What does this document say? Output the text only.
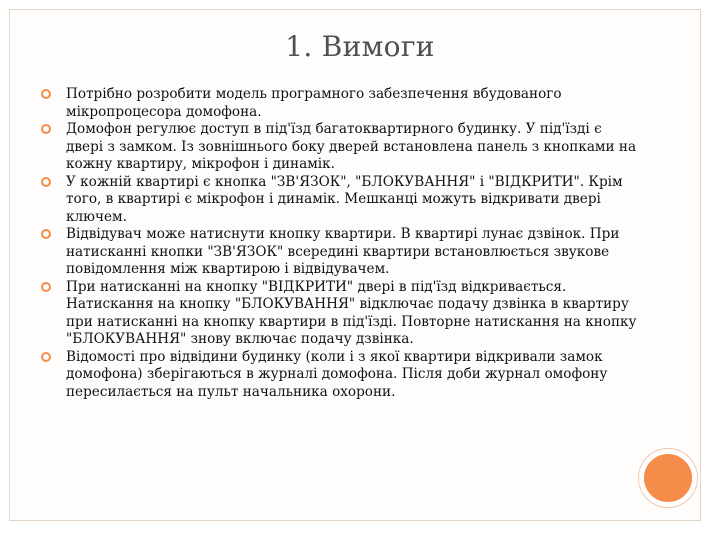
1. Вимоги
Потрібно розробити модель програмного забезпечення вбудованого мікропроцесора домофона.
Домофон регулює доступ в під'їзд багатоквартирного будинку. У під'їзді є двері з замком. Із зовнішнього боку дверей встановлена панель з кнопками на кожну квартиру, мікрофон і динамік.
У кожній квартирі є кнопка "ЗВ'ЯЗОК", "БЛОКУВАННЯ" і "ВІДКРИТИ". Крім того, в квартирі є мікрофон і динамік. Мешканці можуть відкривати двері ключем.
Відвідувач може натиснути кнопку квартири. В квартирі лунає дзвінок. При натисканні кнопки "ЗВ'ЯЗОК" всередині квартири встановлюється звукове повідомлення між квартирою і відвідувачем.
При натисканні на кнопку "ВІДКРИТИ" двері в під'їзд відкривається. Натискання на кнопку "БЛОКУВАННЯ" відключає подачу дзвінка в квартиру при натисканні на кнопку квартири в під'їзді. Повторне натискання на кнопку "БЛОКУВАННЯ" знову включає подачу дзвінка.
Відомості про відвідини будинку (коли і з якої квартири відкривали замок домофона) зберігаються в журналі домофона. Після доби журнал омофону пересилається на пульт начальника охорони.
